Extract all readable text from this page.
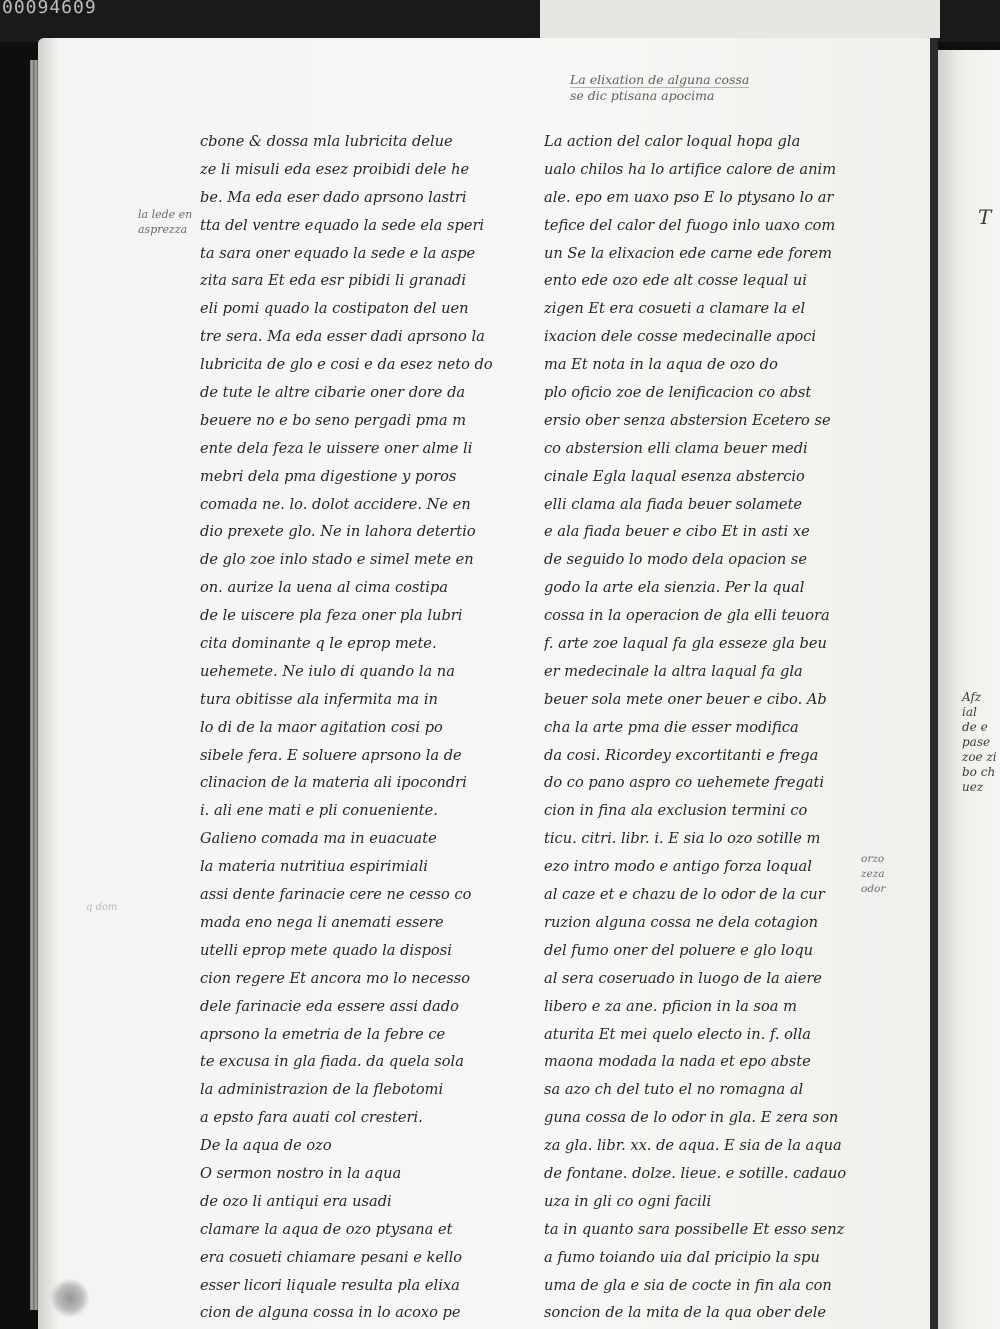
00094609
La elixation de alguna cossa
se dic ptisana apocima
la lede en
asprezza
orzo
zeza
odor
q dom
cbone & dossa mla lubricita delue
ze li misuli eda esez proibidi dele he
be. Ma eda eser dado aprsono lastri
tta del ventre equado la sede ela speri
ta sara oner equado la sede e la aspe
zita sara Et eda esr pibidi li granadi
eli pomi quado la costipaton del uen
tre sera. Ma eda esser dadi aprsono la
lubricita de glo e cosi e da esez neto do
de tute le altre cibarie oner dore da
beuere no e bo seno pergadi pma m
ente dela feza le uissere oner alme li
mebri dela pma digestione y poros
comada ne. lo. dolot accidere. Ne en
dio prexete glo. Ne in lahora detertio
de glo zoe inlo stado e simel mete en
on. aurize la uena al cima costipa
de le uiscere pla feza oner pla lubri
cita dominante q le eprop mete.
uehemete. Ne iulo di quando la na
tura obitisse ala infermita ma in
lo di de la maor agitation cosi po
sibele fera. E soluere aprsono la de
clinacion de la materia ali ipocondri
i. ali ene mati e pli conueniente.
Galieno comada ma in euacuate
la materia nutritiua espirimiali
assi dente farinacie cere ne cesso co
mada eno nega li anemati essere
utelli eprop mete quado la disposi
cion regere Et ancora mo lo necesso
dele farinacie eda essere assi dado
aprsono la emetria de la febre ce
te excusa in gla fiada. da quela sola
la administrazion de la flebotomi
a epsto fara auati col cresteri.
De la aqua de ozo
O sermon nostro in la aqua
de ozo li antiqui era usadi
clamare la aqua de ozo ptysana et
era cosueti chiamare pesani e kello
esser licori liquale resulta pla elixa
cion de alguna cossa in lo acoxo pe
La action del calor loqual hopa gla
ualo chilos ha lo artifice calore de anim
ale. epo em uaxo pso E lo ptysano lo ar
tefice del calor del fuogo inlo uaxo com
un Se la elixacion ede carne ede forem
ento ede ozo ede alt cosse lequal ui
zigen Et era cosueti a clamare la el
ixacion dele cosse medecinalle apoci
ma Et nota in la aqua de ozo do
plo oficio zoe de lenificacion co abst
ersio ober senza abstersion Ecetero se
co abstersion elli clama beuer medi
cinale Egla laqual esenza abstercio
elli clama ala fiada beuer solamete
e ala fiada beuer e cibo Et in asti xe
de seguido lo modo dela opacion se
godo la arte ela sienzia. Per la qual
cossa in la operacion de gla elli teuora
f. arte zoe laqual fa gla esseze gla beu
er medecinale la altra laqual fa gla
beuer sola mete oner beuer e cibo. Ab
cha la arte pma die esser modifica
da cosi. Ricordey excortitanti e frega
do co pano aspro co uehemete fregati
cion in fina ala exclusion termini co
ticu. citri. libr. i. E sia lo ozo sotille m
ezo intro modo e antigo forza loqual
al caze et e chazu de lo odor de la cur
ruzion alguna cossa ne dela cotagion
del fumo oner del poluere e glo loqu
al sera coseruado in luogo de la aiere
libero e za ane. pficion in la soa m
aturita Et mei quelo electo in. f. olla
maona modada la nada et epo abste
sa azo ch del tuto el no romagna al
guna cossa de lo odor in gla. E zera son
za gla. libr. xx. de aqua. E sia de la aqua
de fontane. dolze. lieue. e sotille. cadauo
uza in gli co ogni facili
ta in quanto sara possibelle Et esso senz
a fumo toiando uia dal pricipio la spu
uma de gla e sia de cocte in fin ala con
soncion de la mita de la qua ober dele
T
Afz
ial
de e
pase
zoe zi
bo ch
uez
